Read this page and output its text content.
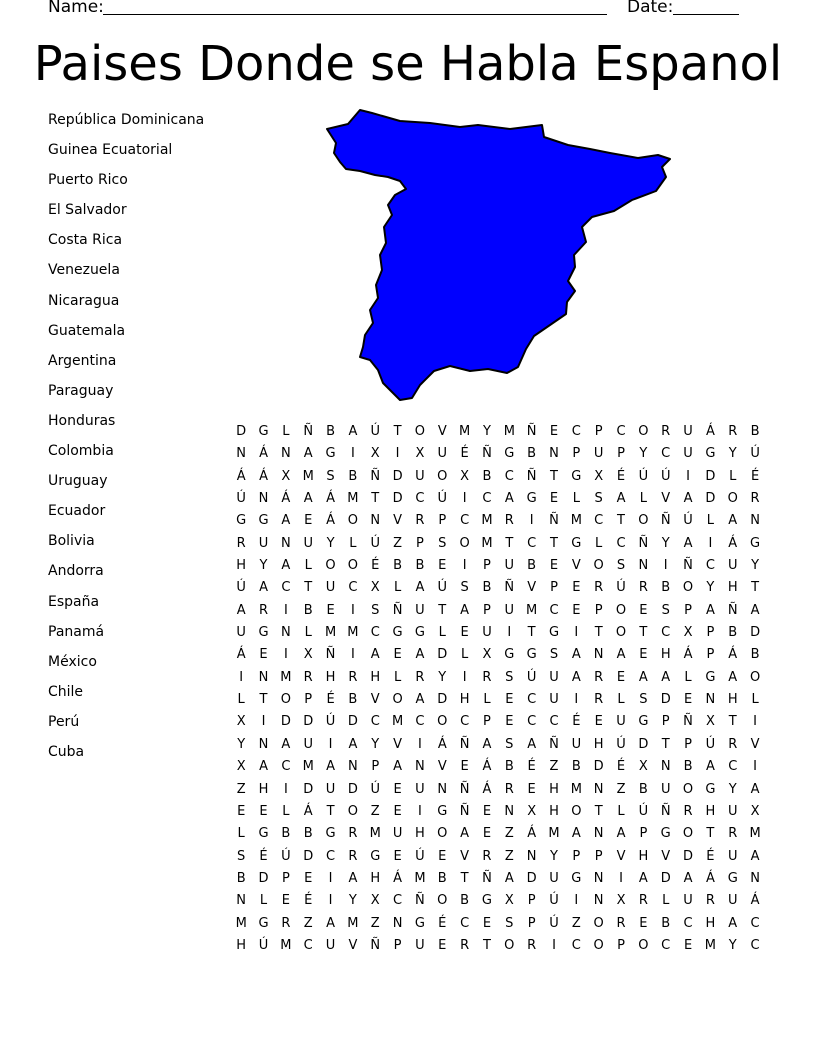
Name:	Date:
Paises Donde se Habla Espanol
República Dominicana
Guinea Ecuatorial
Puerto Rico
El Salvador
Costa Rica
Venezuela
Nicaragua
Guatemala
Argentina
Paraguay
Honduras
Colombia
Uruguay
Ecuador
Bolivia
Andorra
España
Panamá
México
Chile
Perú
Cuba
D G L Ñ B A Ú T O V M Y M Ñ E C P C O R U Á R B
N Á N A G I X I X U É Ñ G B N P U P Y C U G Y Ú
Á Á X M S B Ñ D U O X B C Ñ T G X É Ú Ú I D L É
Ú N Á A Á M T D C Ú I C A G E L S A L V A D O R
G G A E Á O N V R P C M R I Ñ M C T O Ñ Ú L A N
R U N U Y L Ú Z P S O M T C T G L C Ñ Y A I Á G
H Y A L O O É B B E I P U B E V O S N I Ñ C U Y
Ú A C T U C X L A Ú S B Ñ V P E R Ú R B O Y H T
A R I B E I S Ñ U T A P U M C E P O E S P A Ñ A
U G N L M M C G G L E U I T G I T O T C X P B D
Á E I X Ñ I A E A D L X G G S A N A E H Á P Á B
I N M R H R H L R Y I R S Ú U A R E A A L G A O
L T O P É B V O A D H L E C U I R L S D E N H L
X I D D Ú D C M C O C P E C C É E U G P Ñ X T I
Y N A U I A Y V I Á Ñ A S A Ñ U H Ú D T P Ú R V
X A C M A N P A N V E Á B É Z B D É X N B A C I
Z H I D U D Ú E U N Ñ Á R E H M N Z B U O G Y A
E E L Á T O Z E I G Ñ E N X H O T L Ú Ñ R H U X
L G B B G R M U H O A E Z Á M A N A P G O T R M
S É Ú D C R G E Ú E V R Z N Y P P V H V D É U A
B D P E I A H Á M B T Ñ A D U G N I A D A Á G N
N L E É I Y X C Ñ O B G X P Ú I N X R L U R U Á
M G R Z A M Z N G É C E S P Ú Z O R E B C H A C
H Ú M C U V Ñ P U E R T O R I C O P O C E M Y C
